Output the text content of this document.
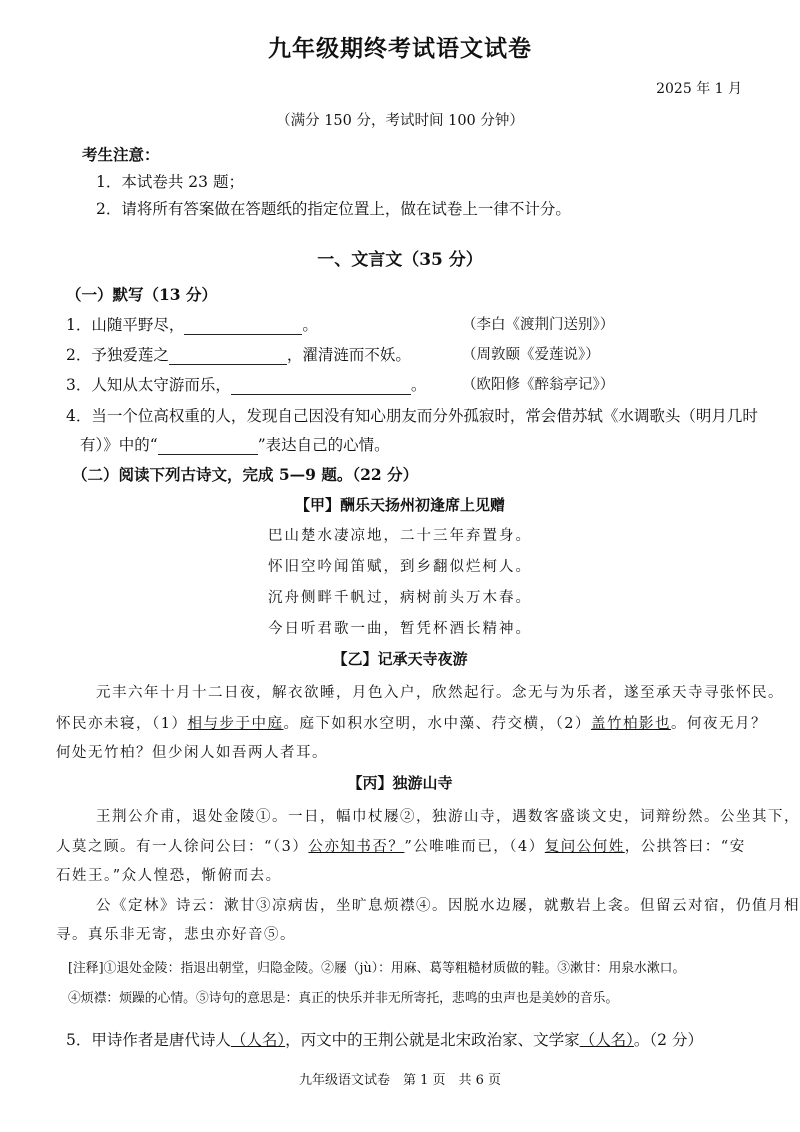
九年级期终考试语文试卷
2025 年 1 月
（满分 150 分，考试时间 100 分钟）
考生注意：
1．本试卷共 23 题；
2．请将所有答案做在答题纸的指定位置上，做在试卷上一律不计分。
一、文言文（35 分）
（一）默写（13 分）
1．山随平野尽，	。	（李白《渡荆门送别》）
2．予独爱莲之	，濯清涟而不妖。	（周敦颐《爱莲说》）
3．人知从太守游而乐，	。 （欧阳修《醉翁亭记》）
4．当一个位高权重的人，发现自己因没有知心朋友而分外孤寂时，常会借苏轼《水调歌头（明月几时
有）》中的“	”表达自己的心情。
（二）阅读下列古诗文，完成 5—9 题。（22 分）
【甲】酬乐天扬州初逢席上见赠
巴山楚水凄凉地，二十三年弃置身。
怀旧空吟闻笛赋，到乡翻似烂柯人。
沉舟侧畔千帆过，病树前头万木春。
今日听君歌一曲，暂凭杯酒长精神。
【乙】记承天寺夜游
元丰六年十月十二日夜，解衣欲睡，月色入户，欣然起行。念无与为乐者，遂至承天寺寻张怀民。
怀民亦未寝，（1）相与步于中庭。庭下如积水空明，水中藻、荇交横，（2）盖竹柏影也。何夜无月？
何处无竹柏？但少闲人如吾两人者耳。
【丙】独游山寺
王荆公介甫，退处金陵①。一日，幅巾杖屦②，独游山寺，遇数客盛谈文史，词辩纷然。公坐其下，
人莫之顾。有一人徐问公曰：“（3）公亦知书否？”公唯唯而已，（4）复问公何姓，公拱答曰：“安
石姓王。”众人惶恐，惭俯而去。
公《定林》诗云：漱甘③凉病齿，坐旷息烦襟④。因脱水边屦，就敷岩上衾。但留云对宿，仍值月相
寻。真乐非无寄，悲虫亦好音⑤。
[注释]①退处金陵：指退出朝堂，归隐金陵。②屦（jù）：用麻、葛等粗糙材质做的鞋。③漱甘：用泉水漱口。
④烦襟：烦躁的心情。⑤诗句的意思是：真正的快乐并非无所寄托，悲鸣的虫声也是美妙的音乐。
5．甲诗作者是唐代诗人（人名），丙文中的王荆公就是北宋政治家、文学家（人名）。（2 分）
九年级语文试卷　第 1 页　共 6 页
